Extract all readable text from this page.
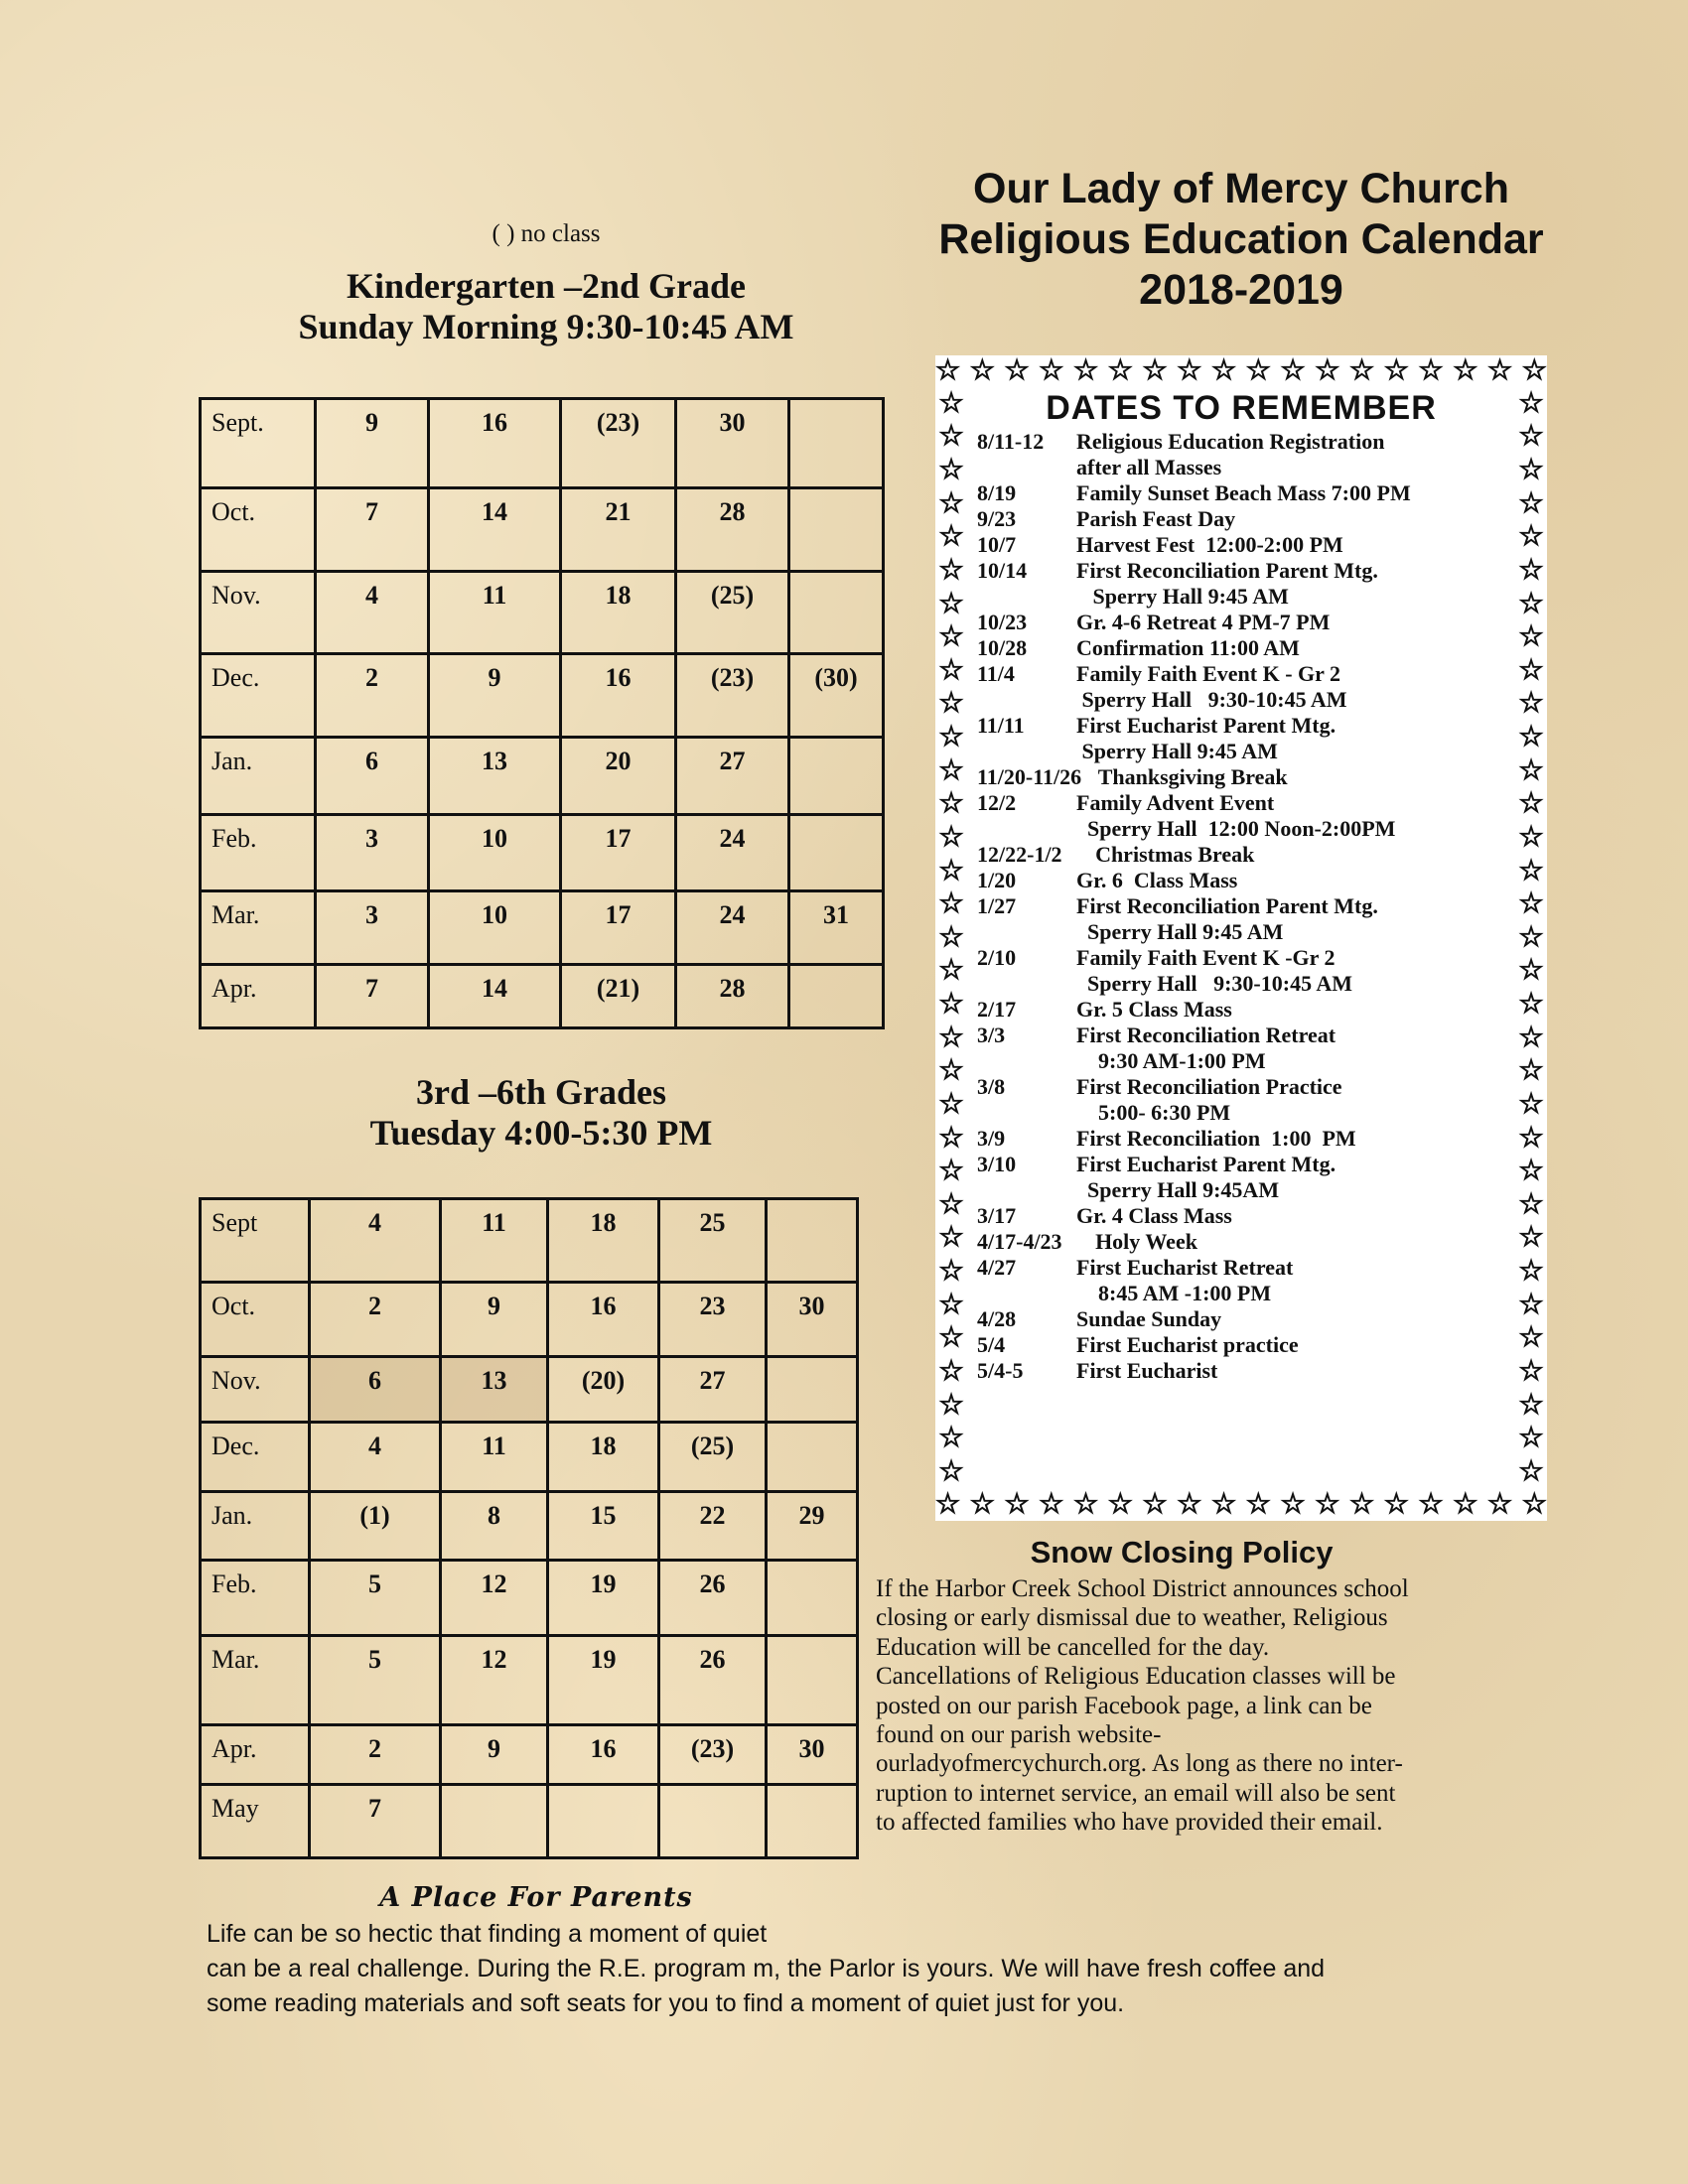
( ) no class
Kindergarten –2nd Grade
Sunday Morning 9:30-10:45 AM
Sept.	9	16	(23)	30	
Oct.	7	14	21	28	
Nov.	4	11	18	(25)	
Dec.	2	9	16	(23)	(30)
Jan.	6	13	20	27	
Feb.	3	10	17	24	
Mar.	3	10	17	24	31
Apr.	7	14	(21)	28	
3rd –6th Grades
Tuesday 4:00-5:30 PM
Sept	4	11	18	25	
Oct.	2	9	16	23	30
Nov.	6	13	(20)	27	
Dec.	4	11	18	(25)	
Jan.	(1)	8	15	22	29
Feb.	5	12	19	26	
Mar.	5	12	19	26	
Apr.	2	9	16	(23)	30
May	7				
Our Lady of Mercy Church
Religious Education Calendar
2018-2019
☆ ☆ ☆ ☆ ☆ ☆ ☆ ☆ ☆ ☆ ☆ ☆ ☆ ☆ ☆ ☆ ☆ ☆
☆
☆
☆
☆
☆
☆
☆
☆
☆
☆
☆
☆
☆
☆
☆
☆
☆
☆
☆
☆
☆
☆
☆
☆
☆
☆
☆
☆
☆
☆
☆
☆
☆
☆
☆
☆
☆
☆
☆
☆
☆
☆
☆
☆
☆
☆
☆
☆
☆
☆
☆
☆
☆
☆
☆
☆
☆
☆
☆
☆
☆
☆
☆
☆
☆
☆
☆ ☆ ☆ ☆ ☆ ☆ ☆ ☆ ☆ ☆ ☆ ☆ ☆ ☆ ☆ ☆ ☆ ☆
DATES TO REMEMBER
8/11-12	Religious Education Registration
after all Masses
8/19	Family Sunset Beach Mass 7:00 PM
9/23	Parish Feast Day
10/7	Harvest Fest  12:00-2:00 PM
10/14	First Reconciliation Parent Mtg.
Sperry Hall 9:45 AM
10/23	Gr. 4-6 Retreat 4 PM-7 PM
10/28	Confirmation 11:00 AM
11/4	Family Faith Event K - Gr 2
Sperry Hall   9:30-10:45 AM
11/11	First Eucharist Parent Mtg.
Sperry Hall 9:45 AM
11/20-11/26 Thanksgiving Break
12/2	Family Advent Event
Sperry Hall  12:00 Noon-2:00PM
12/22-1/2 Christmas Break
1/20	Gr. 6  Class Mass
1/27	First Reconciliation Parent Mtg.
Sperry Hall 9:45 AM
2/10	Family Faith Event K -Gr 2
Sperry Hall   9:30-10:45 AM
2/17	Gr. 5 Class Mass
3/3	First Reconciliation Retreat
9:30 AM-1:00 PM
3/8	First Reconciliation Practice
5:00- 6:30 PM
3/9	First Reconciliation  1:00  PM
3/10	First Eucharist Parent Mtg.
Sperry Hall 9:45AM
3/17	Gr. 4 Class Mass
4/17-4/23 Holy Week
4/27	First Eucharist Retreat
8:45 AM -1:00 PM
4/28	Sundae Sunday
5/4	First Eucharist practice
5/4-5	First Eucharist
Snow Closing Policy
If the Harbor Creek School District announces school
closing or early dismissal due to weather, Religious
Education will be cancelled for the day.
Cancellations of Religious Education classes will be
posted on our parish Facebook page, a link can be
found on our parish website-
ourladyofmercychurch.org. As long as there no inter-
ruption to internet service, an email will also be sent
to affected families who have provided their email.
A Place For Parents
Life can be so hectic that finding a moment of quiet
can be a real challenge. During the R.E. program m, the Parlor is yours. We will have fresh coffee and
some reading materials and soft seats for you to find a moment of quiet just for you.
